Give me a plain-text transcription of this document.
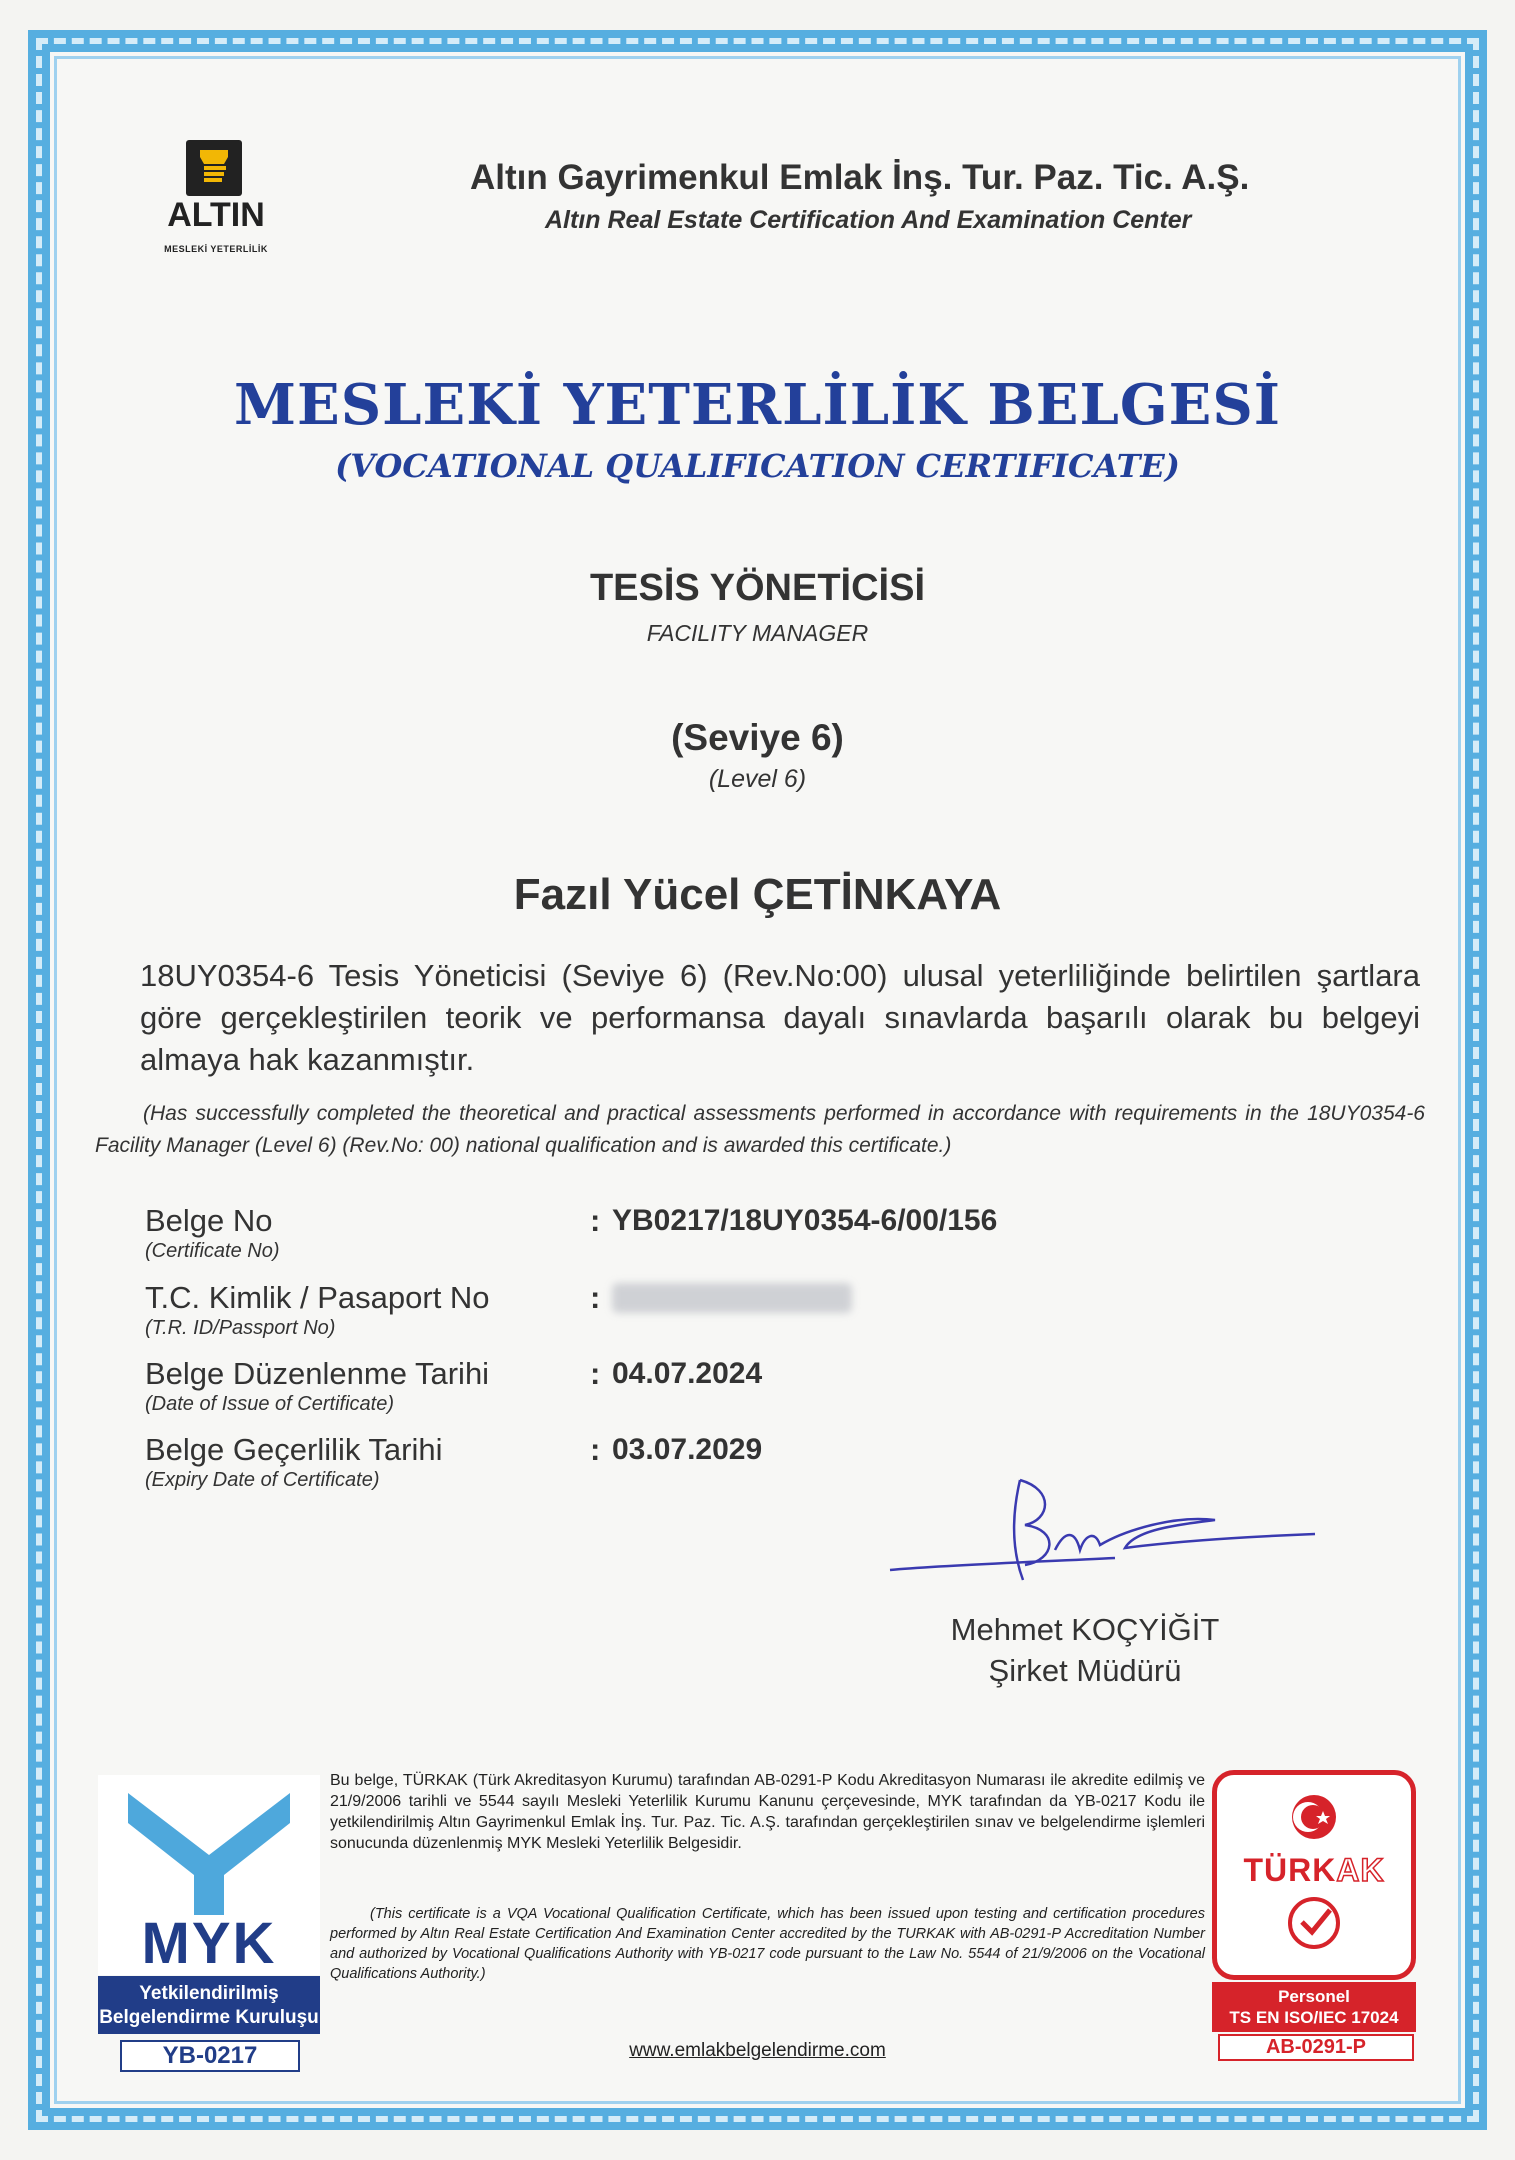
ALTIN
MESLEKİ YETERLİLİK
Altın Gayrimenkul Emlak İnş. Tur. Paz. Tic. A.Ş.
Altın Real Estate Certification And Examination Center
MESLEKİ YETERLİLİK BELGESİ
(VOCATIONAL QUALIFICATION CERTIFICATE)
TESİS YÖNETİCİSİ
FACILITY MANAGER
(Seviye 6)
(Level 6)
Fazıl Yücel ÇETİNKAYA
18UY0354-6 Tesis Yöneticisi (Seviye 6) (Rev.No:00) ulusal yeterliliğinde belirtilen şartlara göre gerçekleştirilen teorik ve performansa dayalı sınavlarda başarılı olarak bu belgeyi almaya hak kazanmıştır.
(Has successfully completed the theoretical and practical assessments performed in accordance with requirements in the 18UY0354-6 Facility Manager (Level 6) (Rev.No: 00) national qualification and is awarded this certificate.)
Belge No
(Certificate No)
: YB0217/18UY0354-6/00/156
T.C. Kimlik / Pasaport No
(T.R. ID/Passport No)
:
Belge Düzenlenme Tarihi
(Date of Issue of Certificate)
: 04.07.2024
Belge Geçerlilik Tarihi
(Expiry Date of Certificate)
: 03.07.2029
Mehmet KOÇYİĞİT
Şirket Müdürü
MYK
Yetkilendirilmiş
Belgelendirme Kuruluşu
YB-0217
Bu belge, TÜRKAK (Türk Akreditasyon Kurumu) tarafından AB-0291-P Kodu Akreditasyon Numarası ile akredite edilmiş ve 21/9/2006 tarihli ve 5544 sayılı Mesleki Yeterlilik Kurumu Kanunu çerçevesinde, MYK tarafından da YB-0217 Kodu ile yetkilendirilmiş Altın Gayrimenkul Emlak İnş. Tur. Paz. Tic. A.Ş. tarafından gerçekleştirilen sınav ve belgelendirme işlemleri sonucunda düzenlenmiş MYK Mesleki Yeterlilik Belgesidir.
(This certificate is a VQA Vocational Qualification Certificate, which has been issued upon testing and certification procedures performed by Altın Real Estate Certification And Examination Center accredited by the TURKAK with AB-0291-P Accreditation Number and authorized by Vocational Qualifications Authority with YB-0217 code pursuant to the Law No. 5544 of 21/9/2006 on the Vocational Qualifications Authority.)
www.emlakbelgelendirme.com
TÜRKAK
Personel
TS EN ISO/IEC 17024
AB-0291-P
